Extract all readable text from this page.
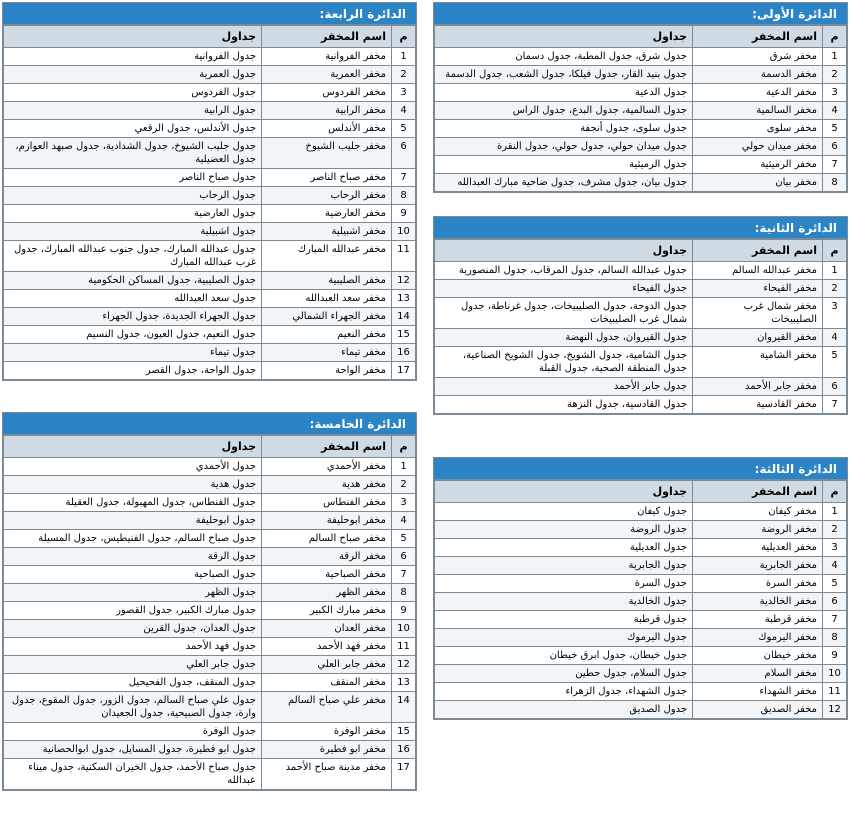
الدائرة الأولى:
م	اسم المخفر	جداول
1	مخفر شرق	جدول شرق، جدول المطبة، جدول دسمان
2	مخفر الدسمة	جدول بنيد القار، جدول فيلكا، جدول الشعب، جدول الدسمة
3	مخفر الدعية	جدول الدعية
4	مخفر السالمية	جدول السالمية، جدول البدع، جدول الراس
5	مخفر سلوى	جدول سلوى، جدول أنجفة
6	مخفر ميدان حولي	جدول ميدان حولي، جدول حولي، جدول النقرة
7	مخفر الرميثية	جدول الرميثية
8	مخفر بيان	جدول بيان، جدول مشرف، جدول ضاحية مبارك العبدالله
الدائرة الثانية:
م	اسم المخفر	جداول
1	مخفر عبدالله السالم	جدول عبدالله السالم، جدول المرقاب، جدول المنصورية
2	مخفر الفيحاء	جدول الفيحاء
3	مخفر شمال غرب الصليبيخات	جدول الدوحة، جدول الصليبيخات، جدول غرناطة، جدول شمال غرب الصليبيخات
4	مخفر القيروان	جدول القيروان، جدول النهضة
5	مخفر الشامية	جدول الشامية، جدول الشويخ، جدول الشويخ الصناعية، جدول المنطقة الصحية، جدول القبلة
6	مخفر جابر الأحمد	جدول جابر الأحمد
7	مخفر القادسية	جدول القادسية، جدول النزهة
الدائرة الثالثة:
م	اسم المخفر	جداول
1	مخفر كيفان	جدول كيفان
2	مخفر الروضة	جدول الروضة
3	مخفر العديلية	جدول العديلية
4	مخفر الجابرية	جدول الجابرية
5	مخفر السرة	جدول السرة
6	مخفر الخالدية	جدول الخالدية
7	مخفر قرطبة	جدول قرطبة
8	مخفر اليرموك	جدول اليرموك
9	مخفر خيطان	جدول خيطان، جدول ابرق خيطان
10	مخفر السلام	جدول السلام، جدول حطين
11	مخفر الشهداء	جدول الشهداء، جدول الزهراء
12	مخفر الصديق	جدول الصديق
الدائرة الرابعة:
م	اسم المخفر	جداول
1	مخفر الفروانية	جدول الفروانية
2	مخفر العمرية	جدول العمرية
3	مخفر الفردوس	جدول الفردوس
4	مخفر الرابية	جدول الرابية
5	مخفر الأندلس	جدول الأندلس، جدول الرقعي
6	مخفر جليب الشيوخ	جدول جليب الشيوخ، جدول الشدادية، جدول صبهد العوازم، جدول العضيلية
7	مخفر صباح الناصر	جدول صباح الناصر
8	مخفر الرحاب	جدول الرحاب
9	مخفر العارضية	جدول العارضية
10	مخفر اشبيلية	جدول اشبيلية
11	مخفر عبدالله المبارك	جدول عبدالله المبارك، جدول جنوب عبدالله المبارك، جدول غرب عبدالله المبارك
12	مخفر الصليبية	جدول الصليبية، جدول المساكن الحكومية
13	مخفر سعد العبدالله	جدول سعد العبدالله
14	مخفر الجهراء الشمالي	جدول الجهراء الجديدة، جدول الجهراء
15	مخفر النعيم	جدول النعيم، جدول العيون، جدول النسيم
16	مخفر تيماء	جدول تيماء
17	مخفر الواحة	جدول الواحة، جدول القصر
الدائرة الخامسة:
م	اسم المخفر	جداول
1	مخفر الأحمدي	جدول الأحمدي
2	مخفر هدية	جدول هدية
3	مخفر الفنطاس	جدول الفنطاس، جدول المهبولة، جدول العقيلة
4	مخفر ابوحليفة	جدول ابوحليفة
5	مخفر صباح السالم	جدول صباح السالم، جدول الفنيطيس، جدول المسيلة
6	مخفر الرقة	جدول الرقة
7	مخفر الصباحية	جدول الصباحية
8	مخفر الظهر	جدول الظهر
9	مخفر مبارك الكبير	جدول مبارك الكبير، جدول القصور
10	مخفر العدان	جدول العدان، جدول القرين
11	مخفر فهد الأحمد	جدول فهد الأحمد
12	مخفر جابر العلي	جدول جابر العلي
13	مخفر المنقف	جدول المنقف، جدول الفحيحيل
14	مخفر علي صباح السالم	جدول علي صباح السالم، جدول الزور، جدول المقوع، جدول وارة، جدول الصبيحية، جدول الجعيدان
15	مخفر الوفرة	جدول الوفرة
16	مخفر ابو فطيرة	جدول ابو فطيرة، جدول المسايل، جدول ابوالحصانية
17	مخفر مدينة صباح الأحمد	جدول صباح الأحمد، جدول الخيران السكنية، جدول ميناء عبدالله
